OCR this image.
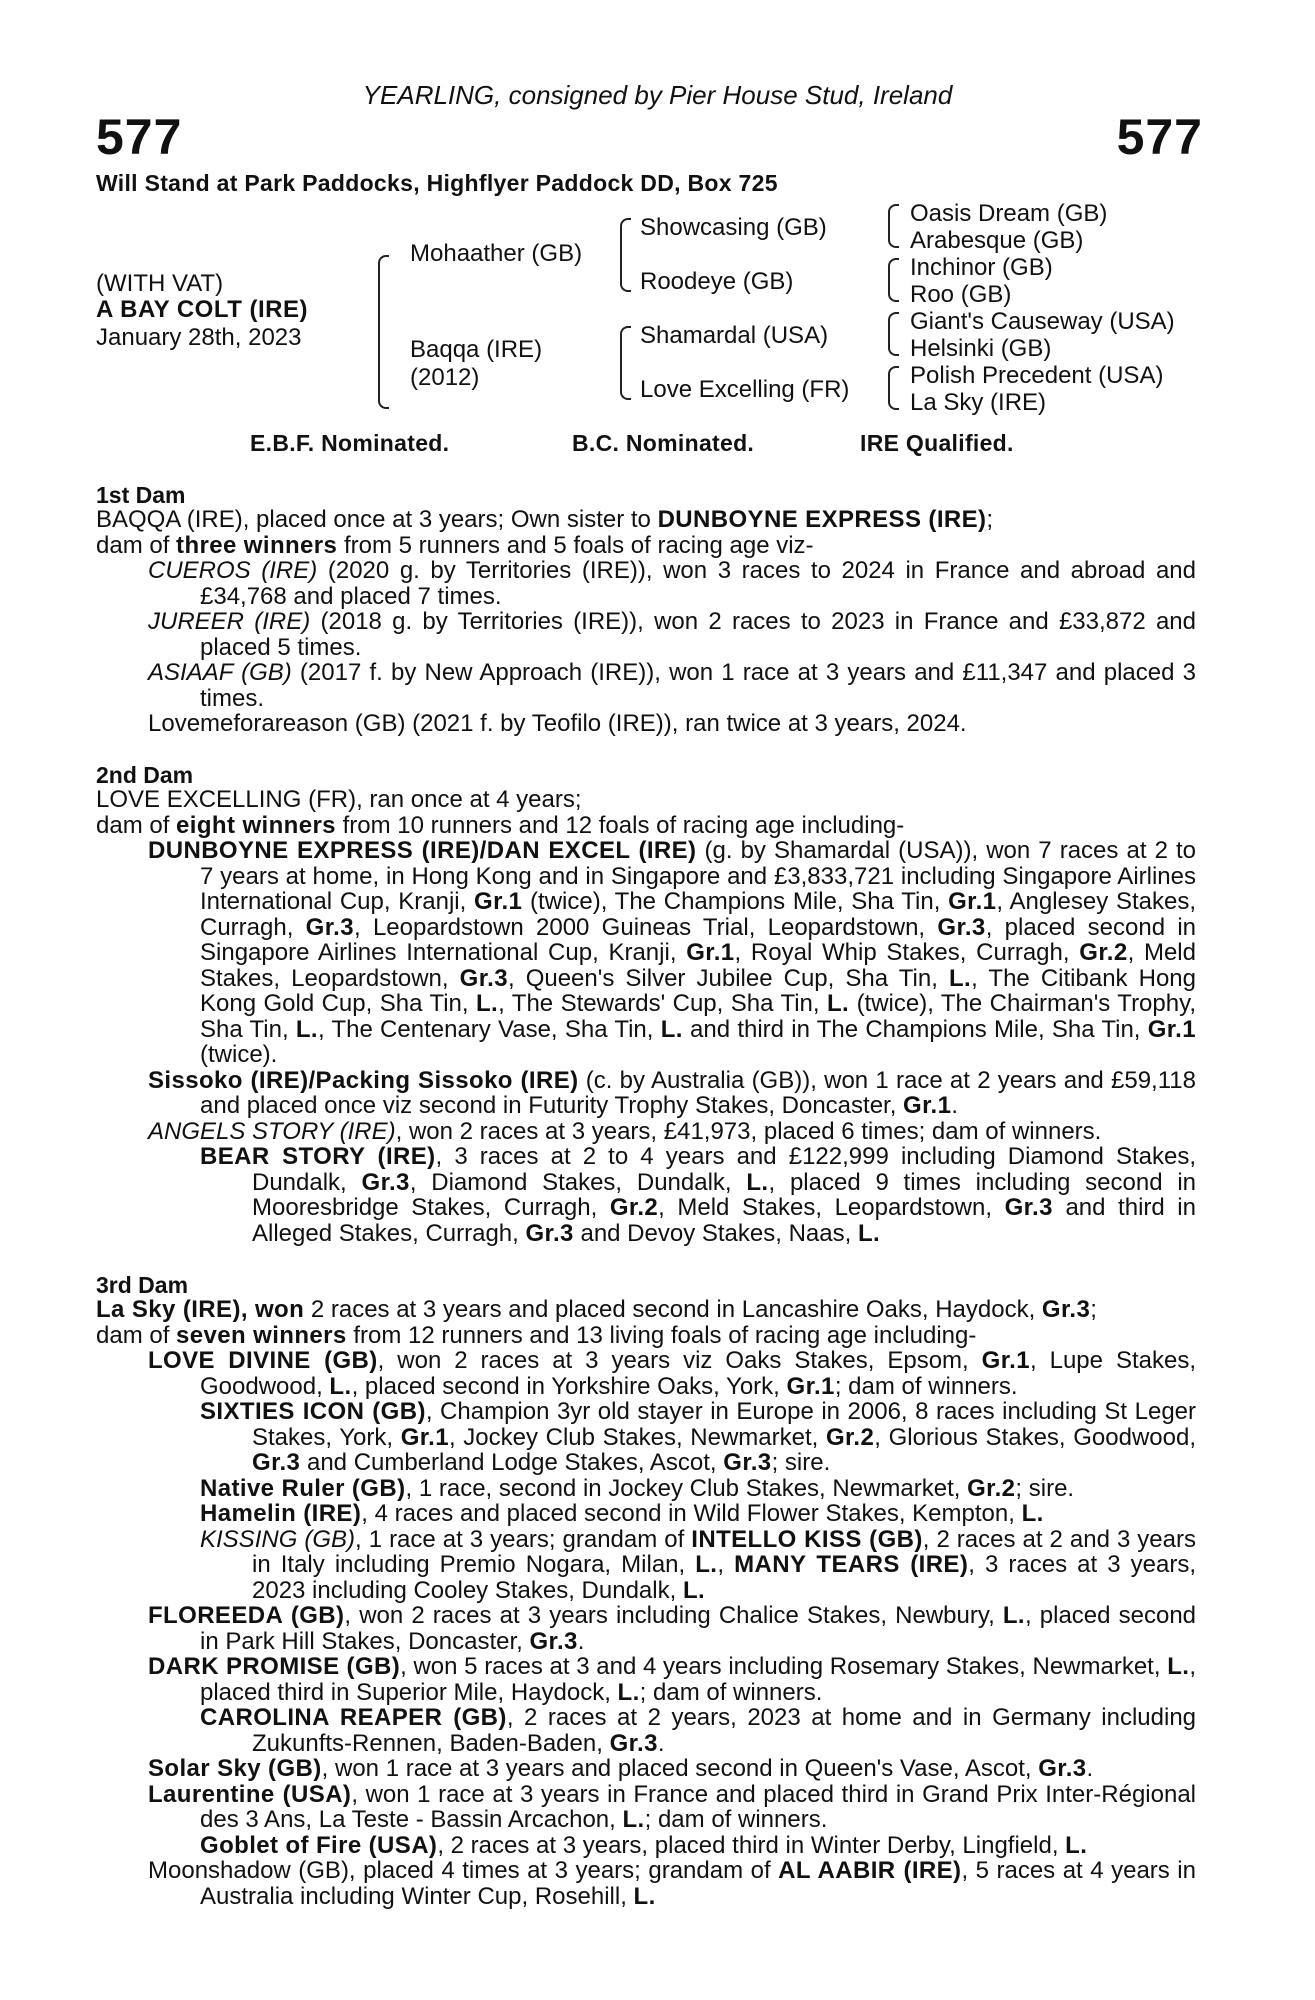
YEARLING, consigned by Pier House Stud, Ireland
577	577
Will Stand at Park Paddocks, Highflyer Paddock DD, Box 725
(WITH VAT)
A BAY COLT (IRE)
January 28th, 2023
Mohaather (GB)
Baqqa (IRE)
(2012)
Showcasing (GB)
Roodeye (GB)
Shamardal (USA)
Love Excelling (FR)
Oasis Dream (GB)
Arabesque (GB)
Inchinor (GB)
Roo (GB)
Giant's Causeway (USA)
Helsinki (GB)
Polish Precedent (USA)
La Sky (IRE)
E.B.F. Nominated.	B.C. Nominated.	IRE Qualified.
1st Dam

BAQQA (IRE), placed once at 3 years; Own sister to DUNBOYNE EXPRESS (IRE);

dam of three winners from 5 runners and 5 foals of racing age viz-

CUEROS (IRE) (2020 g. by Territories (IRE)), won 3 races to 2024 in France and abroad and £34,768 and placed 7 times.

JUREER (IRE) (2018 g. by Territories (IRE)), won 2 races to 2023 in France and £33,872 and placed 5 times.

ASIAAF (GB) (2017 f. by New Approach (IRE)), won 1 race at 3 years and £11,347 and placed 3 times.

Lovemeforareason (GB) (2021 f. by Teofilo (IRE)), ran twice at 3 years, 2024.

2nd Dam

LOVE EXCELLING (FR), ran once at 4 years;

dam of eight winners from 10 runners and 12 foals of racing age including-

DUNBOYNE EXPRESS (IRE)/DAN EXCEL (IRE) (g. by Shamardal (USA)), won 7 races at 2 to 7 years at home, in Hong Kong and in Singapore and £3,833,721 including Singapore Airlines International Cup, Kranji, Gr.1 (twice), The Champions Mile, Sha Tin, Gr.1, Anglesey Stakes, Curragh, Gr.3, Leopardstown 2000 Guineas Trial, Leopardstown, Gr.3, placed second in Singapore Airlines International Cup, Kranji, Gr.1, Royal Whip Stakes, Curragh, Gr.2, Meld Stakes, Leopardstown, Gr.3, Queen's Silver Jubilee Cup, Sha Tin, L., The Citibank Hong Kong Gold Cup, Sha Tin, L., The Stewards' Cup, Sha Tin, L. (twice), The Chairman's Trophy, Sha Tin, L., The Centenary Vase, Sha Tin, L. and third in The Champions Mile, Sha Tin, Gr.1 (twice).

Sissoko (IRE)/Packing Sissoko (IRE) (c. by Australia (GB)), won 1 race at 2 years and £59,118 and placed once viz second in Futurity Trophy Stakes, Doncaster, Gr.1.

ANGELS STORY (IRE), won 2 races at 3 years, £41,973, placed 6 times; dam of winners.

BEAR STORY (IRE), 3 races at 2 to 4 years and £122,999 including Diamond Stakes, Dundalk, Gr.3, Diamond Stakes, Dundalk, L., placed 9 times including second in Mooresbridge Stakes, Curragh, Gr.2, Meld Stakes, Leopardstown, Gr.3 and third in Alleged Stakes, Curragh, Gr.3 and Devoy Stakes, Naas, L.

3rd Dam

La Sky (IRE), won 2 races at 3 years and placed second in Lancashire Oaks, Haydock, Gr.3;

dam of seven winners from 12 runners and 13 living foals of racing age including-

LOVE DIVINE (GB), won 2 races at 3 years viz Oaks Stakes, Epsom, Gr.1, Lupe Stakes, Goodwood, L., placed second in Yorkshire Oaks, York, Gr.1; dam of winners.

SIXTIES ICON (GB), Champion 3yr old stayer in Europe in 2006, 8 races including St Leger Stakes, York, Gr.1, Jockey Club Stakes, Newmarket, Gr.2, Glorious Stakes, Goodwood, Gr.3 and Cumberland Lodge Stakes, Ascot, Gr.3; sire.

Native Ruler (GB), 1 race, second in Jockey Club Stakes, Newmarket, Gr.2; sire.

Hamelin (IRE), 4 races and placed second in Wild Flower Stakes, Kempton, L.

KISSING (GB), 1 race at 3 years; grandam of INTELLO KISS (GB), 2 races at 2 and 3 years in Italy including Premio Nogara, Milan, L., MANY TEARS (IRE), 3 races at 3 years, 2023 including Cooley Stakes, Dundalk, L.

FLOREEDA (GB), won 2 races at 3 years including Chalice Stakes, Newbury, L., placed second in Park Hill Stakes, Doncaster, Gr.3.

DARK PROMISE (GB), won 5 races at 3 and 4 years including Rosemary Stakes, Newmarket, L., placed third in Superior Mile, Haydock, L.; dam of winners.

CAROLINA REAPER (GB), 2 races at 2 years, 2023 at home and in Germany including Zukunfts-Rennen, Baden-Baden, Gr.3.

Solar Sky (GB), won 1 race at 3 years and placed second in Queen's Vase, Ascot, Gr.3.

Laurentine (USA), won 1 race at 3 years in France and placed third in Grand Prix Inter-Régional des 3 Ans, La Teste - Bassin Arcachon, L.; dam of winners.

Goblet of Fire (USA), 2 races at 3 years, placed third in Winter Derby, Lingfield, L.

Moonshadow (GB), placed 4 times at 3 years; grandam of AL AABIR (IRE), 5 races at 4 years in Australia including Winter Cup, Rosehill, L.
